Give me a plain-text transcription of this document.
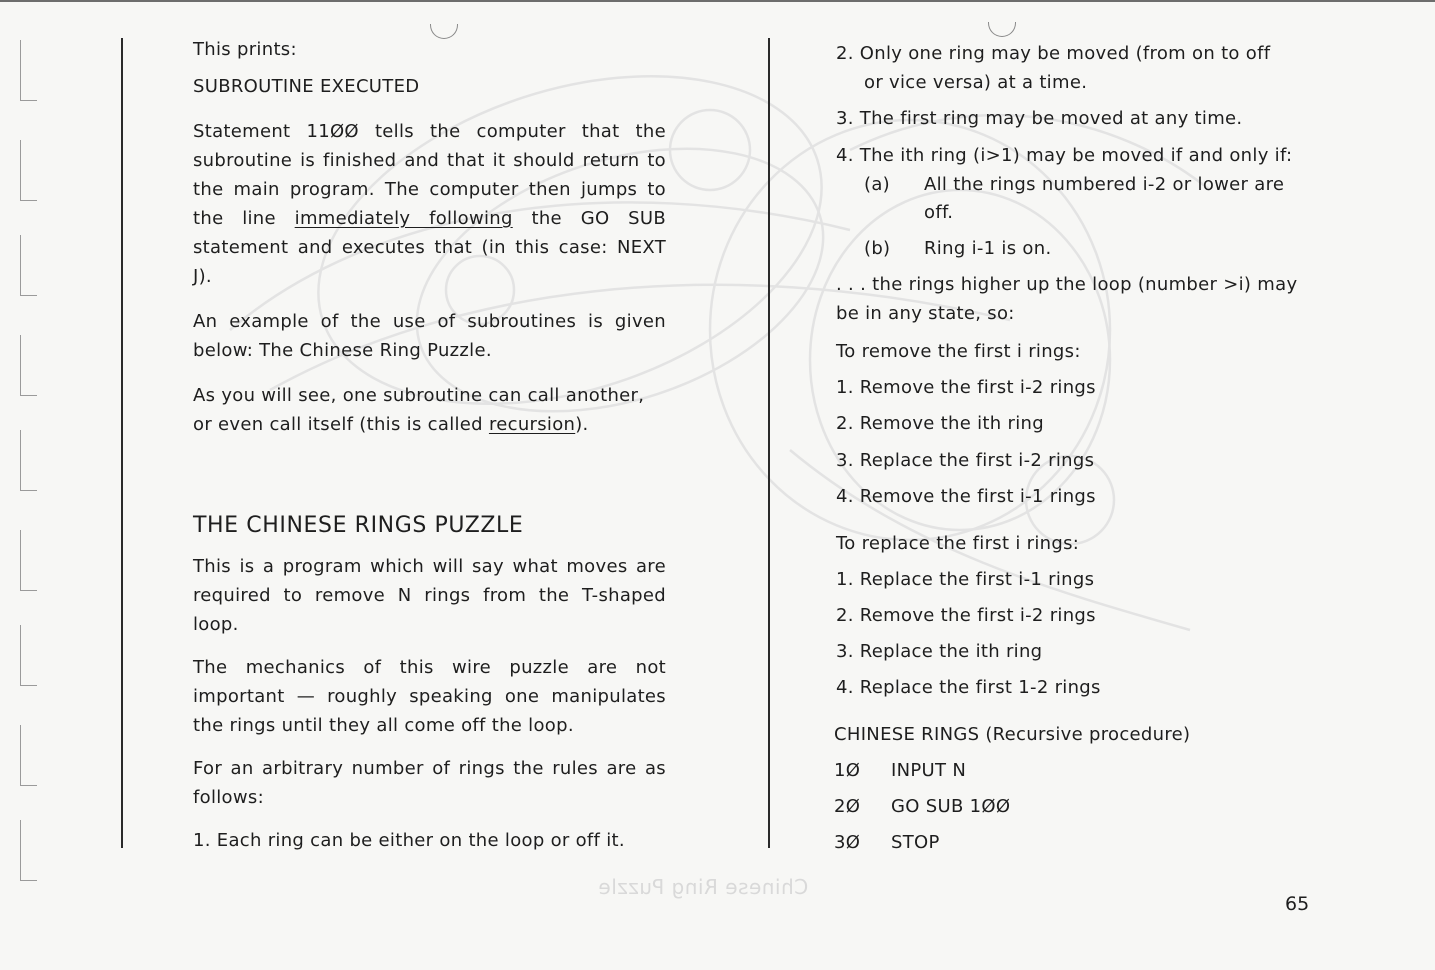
This prints:

SUBROUTINE EXECUTED

Statement 11ØØ tells the computer that the subroutine is finished and that it should return to the main program. The computer then jumps to the line immediately following the GO SUB statement and executes that (in this case: NEXT J).

An example of the use of subroutines is given below: The Chinese Ring Puzzle.

As you will see, one subroutine can call another, or even call itself (this is called recursion).

THE CHINESE RINGS PUZZLE

This is a program which will say what moves are required to remove N rings from the T-shaped loop.

The mechanics of this wire puzzle are not important — roughly speaking one manipulates the rings until they all come off the loop.

For an arbitrary number of rings the rules are as follows:

1. Each ring can be either on the loop or off it.

2. Only one ring may be moved (from on to off
or vice versa) at a time.
3. The first ring may be moved at any time.
4. The ith ring (i>1) may be moved if and only if:
(a) All the rings numbered i-2 or lower are
off.
(b) Ring i-1 is on.
. . . the rings higher up the loop (number >i) may
be in any state, so:
To remove the first i rings:
1. Remove the first i-2 rings
2. Remove the ith ring
3. Replace the first i-2 rings
4. Remove the first i-1 rings
To replace the first i rings:
1. Replace the first i-1 rings
2. Remove the first i-2 rings
3. Replace the ith ring
4. Replace the first 1-2 rings
CHINESE RINGS (Recursive procedure)
1Ø INPUT N
2Ø GO SUB 1ØØ
3Ø STOP
Chinese Ring Puzzle
65
